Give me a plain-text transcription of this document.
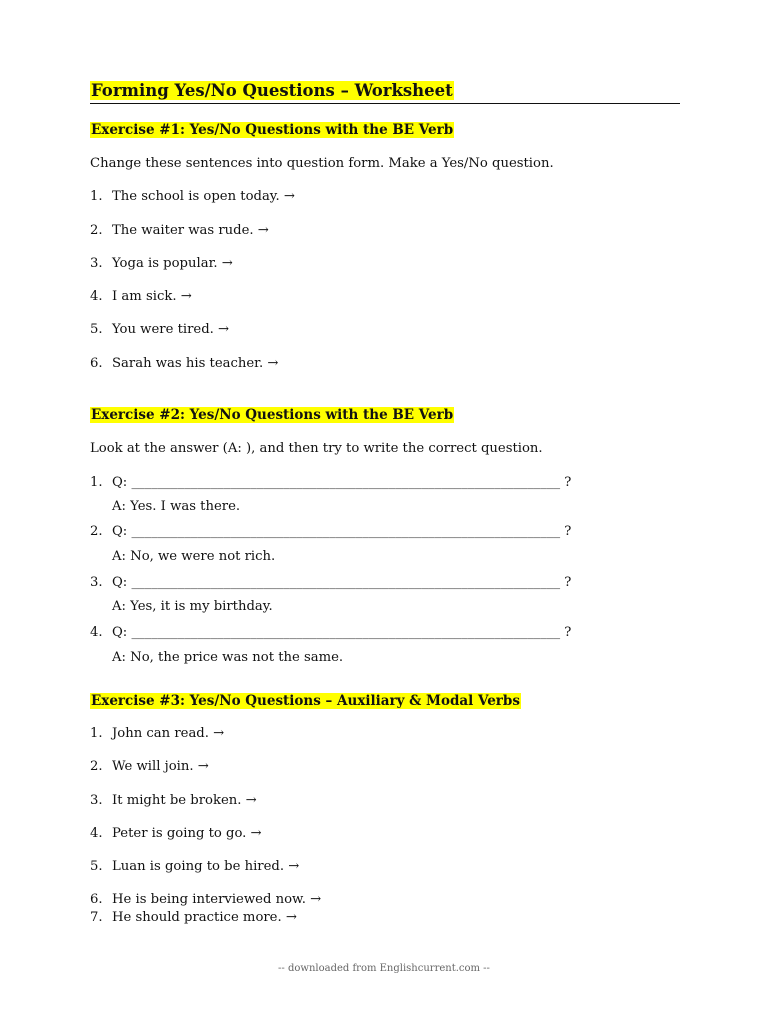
Forming Yes/No Questions – Worksheet
Exercise #1: Yes/No Questions with the BE Verb
Change these sentences into question form. Make a Yes/No question.
1. The school is open today. →
2. The waiter was rude. →
3. Yoga is popular. →
4. I am sick. →
5. You were tired. →
6. Sarah was his teacher. →
Exercise #2: Yes/No Questions with the BE Verb
Look at the answer (A: ), and then try to write the correct question.
1. Q: _________________________________________________________________ ?
A: Yes. I was there.
2. Q: _________________________________________________________________ ?
A: No, we were not rich.
3. Q: _________________________________________________________________ ?
A: Yes, it is my birthday.
4. Q: _________________________________________________________________ ?
A: No, the price was not the same.
Exercise #3: Yes/No Questions – Auxiliary & Modal Verbs
1. John can read. →
2. We will join. →
3. It might be broken. →
4. Peter is going to go. →
5. Luan is going to be hired. →
6. He is being interviewed now. →
7. He should practice more. →
-- downloaded from Englishcurrent.com --
